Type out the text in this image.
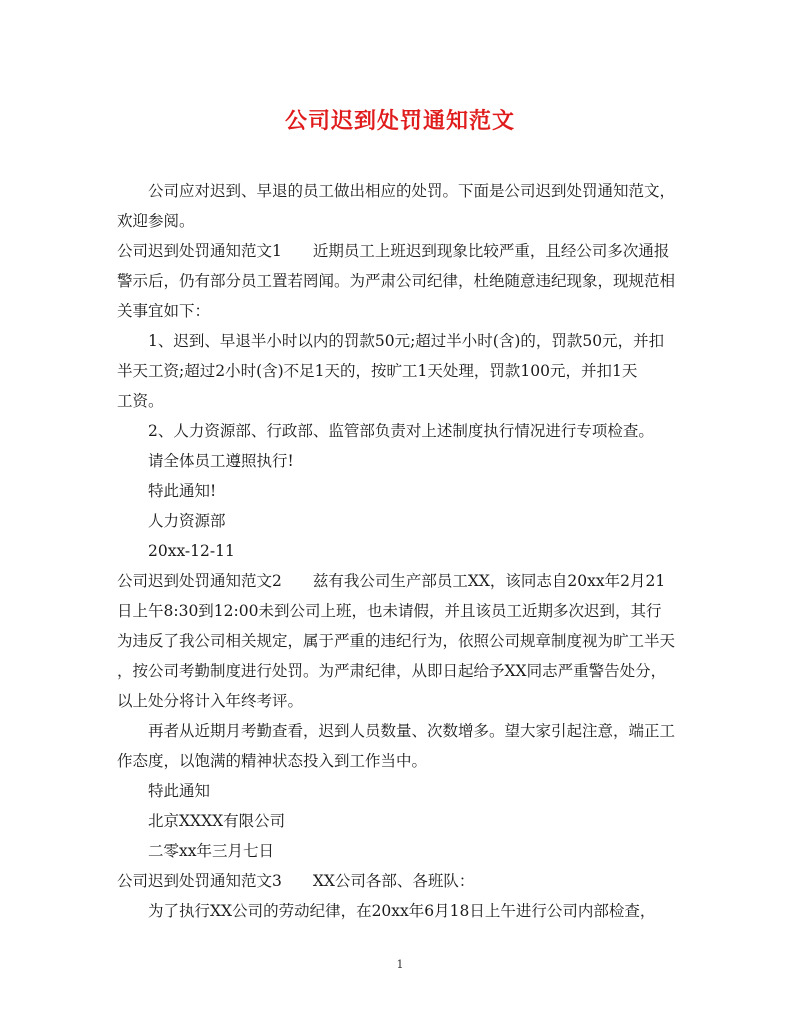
公司迟到处罚通知范文
公司应对迟到、早退的员工做出相应的处罚。下面是公司迟到处罚通知范文，
欢迎参阅。
公司迟到处罚通知范文1　　近期员工上班迟到现象比较严重，且经公司多次通报
警示后，仍有部分员工置若罔闻。为严肃公司纪律，杜绝随意违纪现象，现规范相
关事宜如下：
1、迟到、早退半小时以内的罚款50元;超过半小时(含)的，罚款50元，并扣
半天工资;超过2小时(含)不足1天的，按旷工1天处理，罚款100元，并扣1天
工资。
2、人力资源部、行政部、监管部负责对上述制度执行情况进行专项检查。
请全体员工遵照执行!
特此通知!
人力资源部
20xx-12-11
公司迟到处罚通知范文2　　兹有我公司生产部员工XX，该同志自20xx年2月21
日上午8:30到12:00未到公司上班，也未请假，并且该员工近期多次迟到，其行
为违反了我公司相关规定，属于严重的违纪行为，依照公司规章制度视为旷工半天
，按公司考勤制度进行处罚。为严肃纪律，从即日起给予XX同志严重警告处分，
以上处分将计入年终考评。
再者从近期月考勤查看，迟到人员数量、次数增多。望大家引起注意，端正工
作态度，以饱满的精神状态投入到工作当中。
特此通知
北京XXXX有限公司
二零xx年三月七日
公司迟到处罚通知范文3　　XX公司各部、各班队：
为了执行XX公司的劳动纪律，在20xx年6月18日上午进行公司内部检查，
1
